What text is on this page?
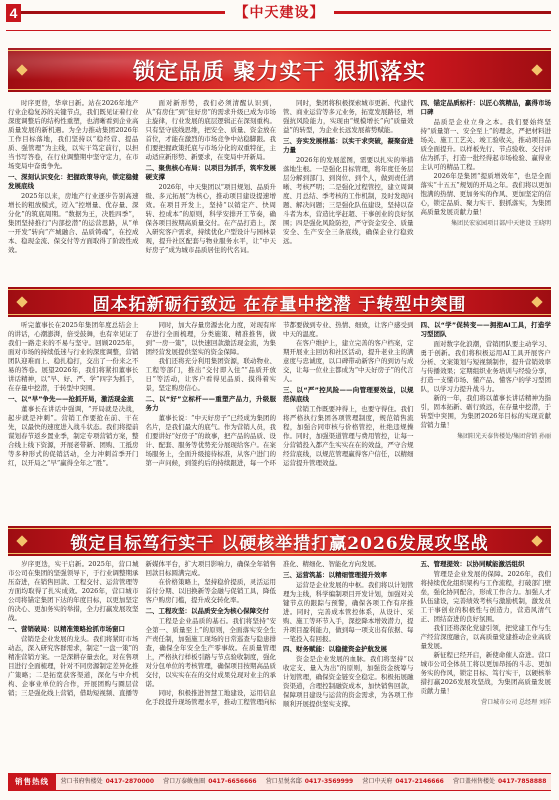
4	【中天建设】
锁定品质 聚力实干 狠抓落实

时序更替，华章日新。站在2026年地产行业企稳复苏的关键节点，我们既见证着行业深度调整后的结构性重塑，也清晰看到企业高质量发展的新机遇。为全力推动集团2026年工作目标落地，我们坚持以“稳经营、提品质、强管理”为主线，以实干笃定前行，以担当书写答卷，在行业调整期中坚守定力，在市场变局中奋勇争先。

一、深刻认识变化：把握政策导向，锁定稳健发展底线

2025年以来，房地产行业逐步告别高速增长的粗放模式，迈入“控增量、优存量、深分化”的筑底周期。“数据为王，决胜四季”，集团坚持推行“内部挖潜”的运营思路，从“单一开发”转向“产城融合、品质铸魂”，在控成本、稳现金流、保交付等方面取得了阶段性成效。

面对新形势，我们必须清醒认识到，从“有房住”到“住好房”的需求升级已成为市场主旋律，行业发展的底层逻辑正在深刻重构。只有坚守底线思维，把安全、质量、资金放在首位，才能在激烈的市场竞争中站稳脚跟。我们要把握政策托底与市场分化的双重特征，主动适应新形势、新要求，在变局中开新局。

二、聚焦核心布局：以项目为抓手，筑牢发展硬支撑

2026年，中天集团以“项目规划、品质升级、多元拓展”为核心，推动项目建设提速增效。在项目开发上，坚持“以销定产、快周转、控成本”的原则，科学安排开工节奏，确保各项目按期高质量交付。在产品打造上，深入研究客户需求，持续优化户型设计与园林景观，提升社区配套与物业服务水平，让“中天好房子”成为城市品质居住的代名词。

同时，集团将积极探索城市更新、代建代管、商业运营等多元业务，拓宽发展路径，增强抗风险能力，实现由“规模增长”向“质量效益”的转型，为企业长远发展蓄势赋能。

三、夯实发展根基：以实干求突破，凝聚奋进力量

2026年的发展蓝图，需要以扎实的举措落地生根。一是强化目标管理，将年度任务层层分解到部门、到岗位、到个人，做到责任清晰、考核严明；二是强化过程管控，建立周调度、月总结、季考核的工作机制，及时发现问题、解决问题；三是强化队伍建设，坚持以奋斗者为本，营造比学赶超、干事创业的良好氛围；四是强化风险防控，严守资金安全、质量安全、生产安全三条底线，确保企业行稳致远。

四、锚定品质标杆：以匠心筑精品，赢得市场口碑

品质是企业立身之本。我们要始终坚持“质量第一、安全至上”的理念，严把材料进场关、施工工艺关、竣工验收关，推动项目品质全面提升。以样板先行、节点验收、交付评估为抓手，打造一批经得起市场检验、赢得业主认可的精品工程。

2026年是集团“提质增效年”，也是全面落实“十五五”规划的开局之年。我们将以更加饱满的热情、更加务实的作风、更加坚定的信心，锁定品质、聚力实干、狠抓落实，为集团高质量发展贡献力量！

集团民宏家园项目部/中天建设 王晓明

固本拓新砺行致远 在存量中挖潜 于转型中突围

听完董事长在2025年集团年度总结会上的讲话，心潮澎湃，倍受鼓舞，也有幸见证了我们一路走来的不易与坚守。回顾2025年，面对市场的持续低迷与行业的深度调整，营销团队迎难而上、稳扎稳打，交出了一份来之不易的答卷。展望2026年，我们将紧扣董事长讲话精神，以“早、好、严、学”四字为抓手，在存量中挖潜，于转型中突围。

一、以“早”争先——抢抓开局，激活现金流

董事长在讲话中强调，“开局就是决战，起步就是冲刺”。营销工作要抢在前、干在先，以最快的速度进入战斗状态。我们将提前谋划春节返乡置业季，制定专项营销方案，整合线上线下资源，开展老带新、团购、工抵房等多种形式的促销活动，全力冲刺首季开门红，以开局之“早”赢得全年之“胜”。

同时，加大存量房源去化力度，对现有库存进行全面梳理，分类施策、精准推售，做到“一房一策”，以快速回款激活现金流，为集团经营发展提供坚实的资金保障。

我们还将充分利用集团资源，联动物业、工程等部门，推出“交付即入住”“品质开放日”等活动，让客户看得见品质、摸得着实景，坚定购房信心。

二、以“好”立标杆——重塑产品力，升级服务力

董事长说：“中天好房子”已经成为集团的名片，是我们最大的底气。作为营销人员，我们要讲好“好房子”的故事，把产品的品质、设计、配套、服务等优势充分展现给客户。在案场服务上，全面升级接待标准，从客户进门的第一声问候，到签约后的持续跟进，每一个环节都要做到专业、热情、细致，让客户感受到中天的温度。

在客户维护上，建立完善的客户档案，定期开展业主回访和社区活动，提升老业主的满意度与忠诚度，以口碑带动新客户的到访与成交，让每一位业主都成为“中天好房子”的代言人。

三、以“严”控风险——向管理要效益，以规范保底线

营销工作既要冲得上，也要守得住。我们将严格执行集团各项管理制度，规范销售流程，加强合同审核与价格管控，杜绝违规操作。同时，加强渠道管理与费用管控，让每一分营销投入都产生实实在在的效益，严守合规经营底线，以规范管理赢得客户信任，以精细运营提升管理效益。

四、以“学”促转变——拥抱AI工具，打造学习型团队

面对数字化浪潮，营销团队要主动学习、勇于创新。我们将积极运用AI工具开展客户分析、文案策划与短视频制作，提升营销效率与传播效果；定期组织业务培训与经验分享，打造一支懂市场、懂产品、懂客户的学习型团队，以学习力提升战斗力。

新的一年，我们将以董事长讲话精神为指引，固本拓新、砺行致远，在存量中挖潜，于转型中突围，为集团2026年目标的实现贡献营销力量！

集团阳光天泰售楼处/集团营销 孙丽

锁定目标笃行实干 以硬核举措打赢2026发展攻坚战

岁序更迭，实干启新。2025年，营口城市公司在集团的坚强领导下，于行业调整期承压奋进，在销售回款、工程交付、运营管理等方面均取得了扎实成效。2026年，营口城市公司将锚定集团下达的年度目标，以更加坚定的决心、更加务实的举措，全力打赢发展攻坚战。

一、营销破局：以精准策略抢抓市场窗口

营销是企业发展的龙头。我们将紧盯市场动态，深入研究客群需求，制定“一盘一策”的精准营销方案。一是深耕存量去化，对在售项目进行全面梳理，针对不同房源制定差异化推广策略；二是拓宽获客渠道，深化与中介机构、企事业单位的合作，开展团购与圈层营销；三是强化线上营销，借助短视频、直播等新媒体平台，扩大项目影响力，确保全年销售回款目标圆满完成。

在价格策略上，坚持稳价提质，灵活运用首付分期、以旧换新等金融与促销工具，降低客户购房门槛，提升成交转化率。

二、工程攻坚：以品质安全为核心保障交付

工程是企业品质的基石。我们将坚持“安全第一、质量至上”的原则，全面落实安全生产责任制，加强施工现场的日常巡查与隐患排查，确保全年安全生产零事故。在质量管理上，严格执行样板引路与节点验收制度，强化对分包单位的考核管理，确保项目按期高品质交付，以实实在在的交付成果兑现对业主的承诺。

同时，积极推进智慧工地建设，运用信息化手段提升现场管理水平，推动工程管理向标准化、精细化、智能化方向发展。

三、运营筑基：以精细管理提升效率

运营是企业发展的中枢。我们将以计划管理为主线，科学编制项目开发计划，加强对关键节点的跟踪与预警，确保各项工作有序推进。同时，完善成本管控体系，从设计、采购、施工等环节入手，深挖降本增效潜力，提升项目盈利能力，做到每一项支出有依据、每一笔投入有回报。

四、财务赋能：以稳健资金护航发展

资金是企业发展的血脉。我们将坚持“以收定支、量入为出”的原则，加强资金统筹与计划管理，确保资金链安全稳定。积极拓展融资渠道，合理控制融资成本，加快销售回款，保障项目建设与运营的资金需求，为各项工作顺利开展提供坚实支撑。

五、管理提效：以协同赋能激活组织

管理是企业发展的保障。2026年，我们将持续优化组织架构与工作流程，打破部门壁垒，强化协同配合，形成工作合力。加强人才队伍建设，完善绩效考核与激励机制，激发员工干事创业的积极性与创造力，营造风清气正、团结奋进的良好氛围。

我们还将深化党建引领，把党建工作与生产经营深度融合，以高质量党建推动企业高质量发展。

新征程已经开启，新使命催人奋进。营口城市公司全体员工将以更加昂扬的斗志、更加务实的作风，锁定目标、笃行实干，以硬核举措打赢2026发展攻坚战，为集团高质量发展贡献力量！

营口城市公司 总经理 刘洋

销售热线	营口书府售楼处 0417-2870000 营口万泰鲅鱼圈 0417-6656666 营口星悦名邸 0417-3569999 营口中天府 0417-2146666 营口盖州售楼处 0417-7858888
